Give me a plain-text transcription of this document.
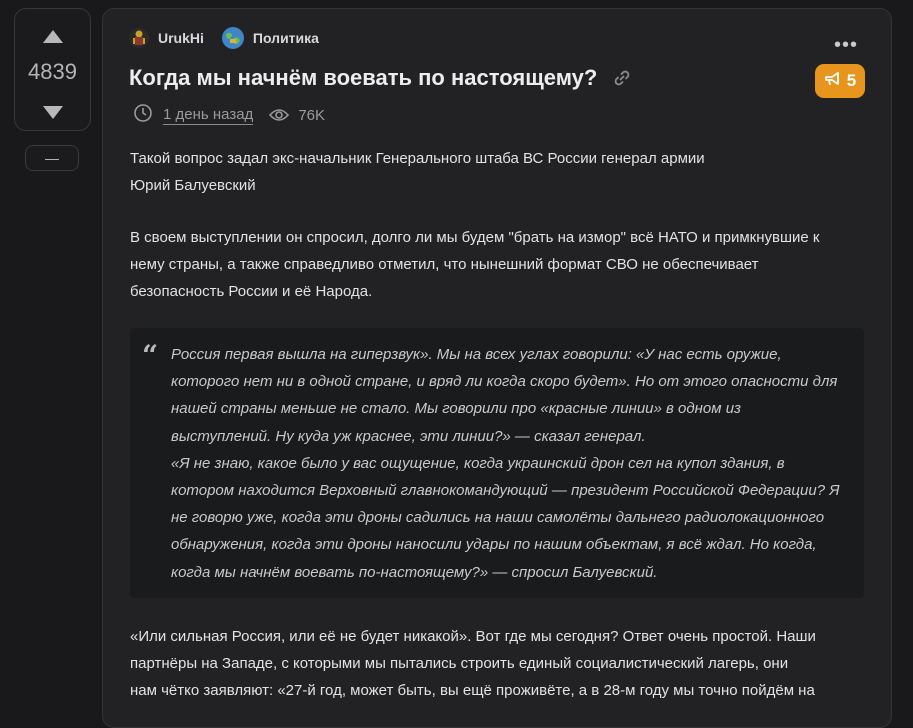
4839
—
UrukHi	Политика	•••
Когда мы начнём воевать по настоящему?	5
1 день назад	76K
Такой вопрос задал экс-начальник Генерального штаба ВС России генерал армии
Юрий Балуевский
В своем выступлении он спросил, долго ли мы будем "брать на измор" всё НАТО и примкнувшие к
нему страны, а также справедливо отметил, что нынешний формат СВО не обеспечивает
безопасность России и её Народа.
“ Россия первая вышла на гиперзвук». Мы на всех углах говорили: «У нас есть оружие,
которого нет ни в одной стране, и вряд ли когда скоро будет». Но от этого опасности для
нашей страны меньше не стало. Мы говорили про «красные линии» в одном из
выступлений. Ну куда уж краснее, эти линии?» — сказал генерал.
«Я не знаю, какое было у вас ощущение, когда украинский дрон сел на купол здания, в
котором находится Верховный главнокомандующий — президент Российской Федерации? Я
не говорю уже, когда эти дроны садились на наши самолёты дальнего радиолокационного
обнаружения, когда эти дроны наносили удары по нашим объектам, я всё ждал. Но когда,
когда мы начнём воевать по-настоящему?» — спросил Балуевский.
«Или сильная Россия, или её не будет никакой». Вот где мы сегодня? Ответ очень простой. Наши
партнёры на Западе, с которыми мы пытались строить единый социалистический лагерь, они
нам чётко заявляют: «27-й год, может быть, вы ещё проживёте, а в 28-м году мы точно пойдём на
